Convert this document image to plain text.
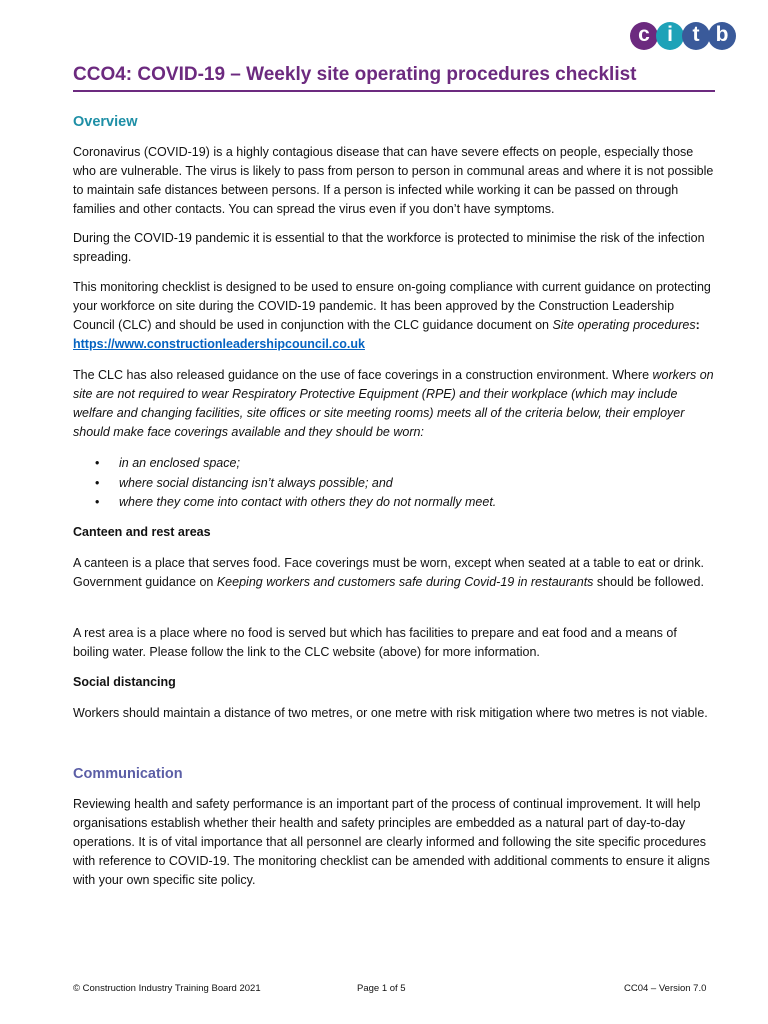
c i t b
CCO4: COVID-19 – Weekly site operating procedures checklist
Overview

Coronavirus (COVID-19) is a highly contagious disease that can have severe effects on people, especially those who are vulnerable. The virus is likely to pass from person to person in communal areas and where it is not possible to maintain safe distances between persons. If a person is infected while working it can be passed on through families and other contacts. You can spread the virus even if you don’t have symptoms.

During the COVID-19 pandemic it is essential to that the workforce is protected to minimise the risk of the infection spreading.

This monitoring checklist is designed to be used to ensure on-going compliance with current guidance on protecting your workforce on site during the COVID-19 pandemic. It has been approved by the Construction Leadership Council (CLC) and should be used in conjunction with the CLC guidance document on Site operating procedures: https://www.constructionleadershipcouncil.co.uk

The CLC has also released guidance on the use of face coverings in a construction environment. Where workers on site are not required to wear Respiratory Protective Equipment (RPE) and their workplace (which may include welfare and changing facilities, site offices or site meeting rooms) meets all of the criteria below, their employer should make face coverings available and they should be worn:

• in an enclosed space;
• where social distancing isn’t always possible; and
• where they come into contact with others they do not normally meet.
Canteen and rest areas

A canteen is a place that serves food. Face coverings must be worn, except when seated at a table to eat or drink. Government guidance on Keeping workers and customers safe during Covid-19 in restaurants should be followed.

A rest area is a place where no food is served but which has facilities to prepare and eat food and a means of boiling water. Please follow the link to the CLC website (above) for more information.

Social distancing

Workers should maintain a distance of two metres, or one metre with risk mitigation where two metres is not viable.

Communication

Reviewing health and safety performance is an important part of the process of continual improvement. It will help organisations establish whether their health and safety principles are embedded as a natural part of day-to-day operations. It is of vital importance that all personnel are clearly informed and following the site specific procedures with reference to COVID-19. The monitoring checklist can be amended with additional comments to ensure it aligns with your own specific site policy.

© Construction Industry Training Board 2021	Page 1 of 5	CC04 – Version 7.0
